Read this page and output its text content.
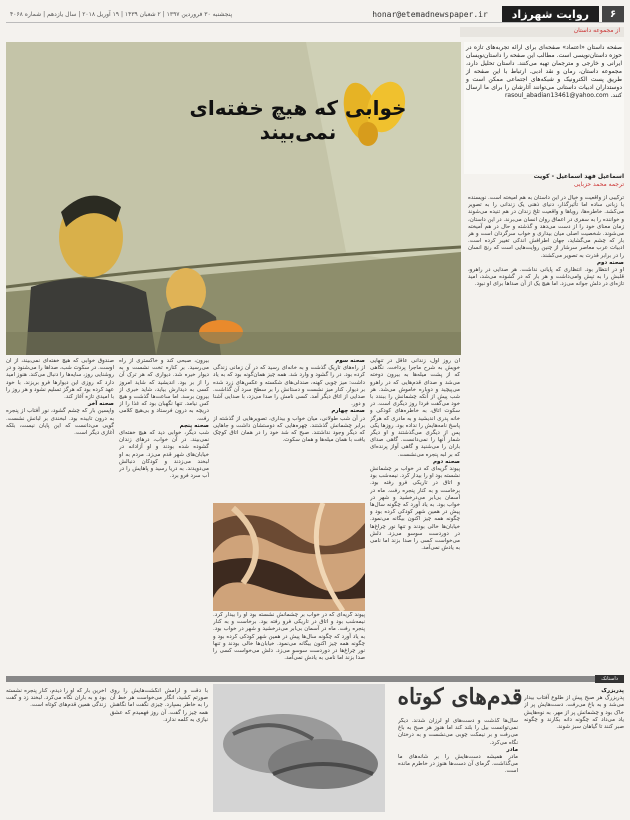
۶
روایت شهرزاد
honar@etemadnewspaper.ir
پنجشنبه ۳۰ فروردین ۱۳۹۷ | ۲ شعبان ۱۴۳۹ | ۱۹ آوریل ۲۰۱۸ | سال یازدهم | شماره ۴۰۶۸
از مجموعه داستان
خوابی که هیچ خفته‌ای نمی‌بیند
صفحه داستان «اعتماد» صفحه‌ای برای ارائه تجربه‌های تازه در حوزه داستان‌نویسی است. مطالب این صفحه را داستان‌نویسان ایرانی و خارجی و مترجمان تهیه می‌کنند. داستان تحلیل دارد، مجموعه داستان، رمان و نقد ادبی. ارتباط با این صفحه از طریق پست الکترونیک و شبکه‌های اجتماعی ممکن است و دوستداران ادبیات داستانی می‌توانند آثارشان را برای ما ارسال کنند. rasoul_abadian13461@yahoo.com
اسماعیل فهد اسماعیل - کویت
ترجمه محمد حزبایی
ترکیبی از واقعیت و خیال در این داستان به هم آمیخته است. نویسنده با زبانی ساده اما تأثیرگذار، دنیای ذهنی یک زندانی را به تصویر می‌کشد. خاطره‌ها، رویاها و واقعیت تلخ زندان در هم تنیده می‌شوند و خواننده را به سفری در اعماق روان انسان می‌برند. در این داستان، زمان معنای خود را از دست می‌دهد و گذشته و حال در هم آمیخته می‌شوند. شخصیت اصلی میان بیداری و خواب سرگردان است و هر بار که چشم می‌گشاید، جهان اطرافش اندکی تغییر کرده است. ادبیات عرب معاصر سرشار از چنین روایت‌هایی است که رنج انسان را در برابر قدرت به تصویر می‌کشند.
صحنه دوم
او در انتظار بود. انتظاری که پایانی نداشت. هر صدایی در راهرو، قلبش را به تپش وامی‌داشت و هر بار که در گشوده می‌شد، امید تازه‌ای در دلش جوانه می‌زد. اما هیچ یک از آن صداها برای او نبود.
صندوق‌ خوابی که هیچ خفته‌ای نمی‌بیند، از آن اوست. در سکوت شب، صداها را می‌شنود و در روشنایی روز، سایه‌ها را دنبال می‌کند. هنوز امید دارد که روزی این دیوارها فرو بریزند. با خود عهد کرده بود که هرگز تسلیم نشود و هر روز را با امیدی تازه آغاز کند.
صحنه آخر
واپسین بار که چشم گشود، نور آفتاب از پنجره به درون تابیده بود. لبخندی بر لبانش نشست. گویی می‌دانست که این پایان نیست، بلکه آغازی دیگر است.
بیرون، صبحی کند و خاکستری از راه می‌رسید. بر کناره تخت نشست و به دیوار خیره شد. دیواری که هر ترک آن را از بر بود. اندیشید که شاید امروز کسی به دیدارش بیاید، شاید خبری از بیرون برسد. اما ساعت‌ها گذشت و هیچ کس نیامد. تنها نگهبان بود که غذا را از دریچه به درون فرستاد و بی‌هیچ کلامی رفت.
صحنه پنجم
شب دیگر، خوابی دید که هیچ خفته‌ای نمی‌بیند. در آن خواب، درهای زندان گشوده شده بودند و او آزادانه در خیابان‌های شهر قدم می‌زد. مردم به او لبخند می‌زدند و کودکان دنبالش می‌دویدند. به دریا رسید و پاهایش را در آب سرد فرو برد.
صحنه سوم
از راه‌های تاریک گذشت و به خانه‌ای رسید که در آن زمانی زندگی کرده بود. در را گشود و وارد شد. همه چیز همان‌گونه بود که به یاد داشت: میز چوبی کهنه، صندلی‌های شکسته و عکس‌های زرد شده بر دیوار. کنار میز نشست و دستانش را بر سطح سرد آن گذاشت. صدایی از اتاق دیگر آمد. کسی نامش را صدا می‌زد، با صدایی آشنا و دور.
صحنه چهارم
در آن شب طولانی، میان خواب و بیداری، تصویرهایی از گذشته از برابر چشمانش گذشتند. چهره‌هایی که دوستشان داشت و جاهایی که دیگر وجود نداشتند. صبح که شد خود را در همان اتاق کوچک یافت با همان میله‌ها و همان سکوت.
پیوند گریه‌ای که در خواب بر چشمانش نشسته بود او را بیدار کرد. نیمه‌شب بود و اتاق در تاریکی فرو رفته بود. برخاست و به کنار پنجره رفت. ماه در آسمان بی‌ابر می‌درخشید و شهر در خواب بود. به یاد آورد که چگونه سال‌ها پیش در همین شهر کودکی کرده بود و چگونه همه چیز اکنون بیگانه می‌نمود. خیابان‌ها خالی بودند و تنها نور چراغ‌ها در دوردست سوسو می‌زد. دلش می‌خواست کسی را صدا بزند اما نامی به یادش نمی‌آمد.
آن روز اول، زندانی عاقل در تنهایی خویش به شرح ماجرا پرداخت. نگاهی که از پشت میله‌ها به بیرون دوخته می‌شد و صدای قدم‌هایی که در راهرو می‌پیچید و دوباره خاموش می‌شد. هر شب پیش از آنکه چشمانش را ببندد با خود می‌گفت فردا روز دیگری است. در سکوت اتاق، به خاطره‌های کودکی و خانه پدری اندیشید و به مادری که هرگز پاسخ نامه‌هایش را نداده بود. روزها یکی پس از دیگری می‌گذشتند و او دیگر شمار آنها را نمی‌دانست. گاهی صدای باران را می‌شنید و گاهی آواز پرنده‌ای که بر لبه پنجره می‌نشست.
صحنه دوم
پیوند گریه‌ای که در خواب بر چشمانش نشسته بود او را بیدار کرد. نیمه‌شب بود و اتاق در تاریکی فرو رفته بود. برخاست و به کنار پنجره رفت. ماه در آسمان بی‌ابر می‌درخشید و شهر در خواب بود. به یاد آورد که چگونه سال‌ها پیش در همین شهر کودکی کرده بود و چگونه همه چیز اکنون بیگانه می‌نمود. خیابان‌ها خالی بودند و تنها نور چراغ‌ها در دوردست سوسو می‌زد. دلش می‌خواست کسی را صدا بزند اما نامی به یادش نمی‌آمد.
داستانک
قدم‌های کوتاه	پدربزرگ
پدربزرگ هر صبح پیش از طلوع آفتاب بیدار می‌شد و به باغ می‌رفت. دست‌هایش پر از خاک بود و چشمانش پر از مهر. به نوه‌هایش یاد می‌داد که چگونه دانه بکارند و چگونه صبر کنند تا گیاهان سبز شوند.
سال‌ها گذشت و دست‌های او لرزان شدند. دیگر نمی‌توانست بیل را بلند کند اما هنوز هر صبح به باغ می‌رفت و بر نیمکت چوبی می‌نشست و به درختان نگاه می‌کرد.
مادر
مادر همیشه دست‌هایش را بر شانه‌های ما می‌گذاشت. گرمای آن دست‌ها هنوز در خاطرم مانده است.
با دقت و آرامش انگشت‌هایش را روی صورتم کشید، انگار می‌خواست هر خط آن را به خاطر بسپارد. چیزی نگفت اما نگاهش همه چیز را گفت. آن روز فهمیدم که عشق نیازی به کلمه ندارد.
آخرین بار که او را دیدم، کنار پنجره نشسته بود و به باران نگاه می‌کرد. لبخند زد و گفت زندگی همین قدم‌های کوتاه است.
